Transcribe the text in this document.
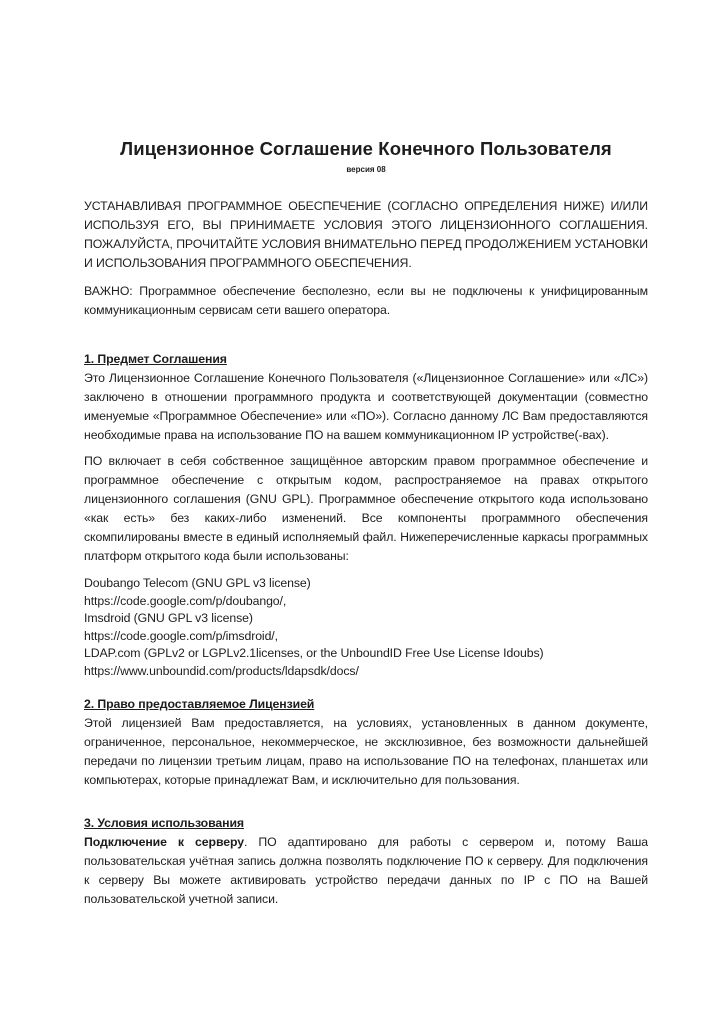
Лицензионное Соглашение Конечного Пользователя
версия 08

УСТАНАВЛИВАЯ ПРОГРАММНОЕ ОБЕСПЕЧЕНИЕ (СОГЛАСНО ОПРЕДЕЛЕНИЯ НИЖЕ) И/ИЛИ ИСПОЛЬЗУЯ ЕГО, ВЫ ПРИНИМАЕТЕ УСЛОВИЯ ЭТОГО ЛИЦЕНЗИОННОГО СОГЛАШЕНИЯ. ПОЖАЛУЙСТА, ПРОЧИТАЙТЕ УСЛОВИЯ ВНИМАТЕЛЬНО ПЕРЕД ПРОДОЛЖЕНИЕМ УСТАНОВКИ И ИСПОЛЬЗОВАНИЯ ПРОГРАММНОГО ОБЕСПЕЧЕНИЯ.

ВАЖНО: Программное обеспечение бесполезно, если вы не подключены к унифицированным коммуникационным сервисам сети вашего оператора.

1. Предмет Соглашения

Это Лицензионное Соглашение Конечного Пользователя («Лицензионное Соглашение» или «ЛС») заключено в отношении программного продукта и соответствующей документации (совместно именуемые «Программное Обеспечение» или «ПО»). Согласно данному ЛС Вам предоставляются необходимые права на использование ПО на вашем коммуникационном IP устройстве(-вах).

ПО включает в себя собственное защищённое авторским правом программное обеспечение и программное обеспечение с открытым кодом, распространяемое на правах открытого лицензионного соглашения (GNU GPL). Программное обеспечение открытого кода использовано «как есть» без каких-либо изменений. Все компоненты программного обеспечения скомпилированы вместе в единый исполняемый файл. Нижеперечисленные каркасы программных платформ открытого кода были использованы:

Doubango Telecom (GNU GPL v3 license)
https://code.google.com/p/doubango/,
Imsdroid (GNU GPL v3 license)
https://code.google.com/p/imsdroid/,
LDAP.com (GPLv2 or LGPLv2.1licenses, or the UnboundID Free Use License Idoubs)
https://www.unboundid.com/products/ldapsdk/docs/
2. Право предоставляемое Лицензией

Этой лицензией Вам предоставляется, на условиях, установленных в данном документе, ограниченное, персональное, некоммерческое, не эксклюзивное, без возможности дальнейшей передачи по лицензии третьим лицам, право на использование ПО на телефонах, планшетах или компьютерах, которые принадлежат Вам, и исключительно для пользования.

3. Условия использования

Подключение к серверу. ПО адаптировано для работы с сервером и, потому Ваша пользовательская учётная запись должна позволять подключение ПО к серверу. Для подключения к серверу Вы можете активировать устройство передачи данных по IP с ПО на Вашей пользовательской учетной записи.
